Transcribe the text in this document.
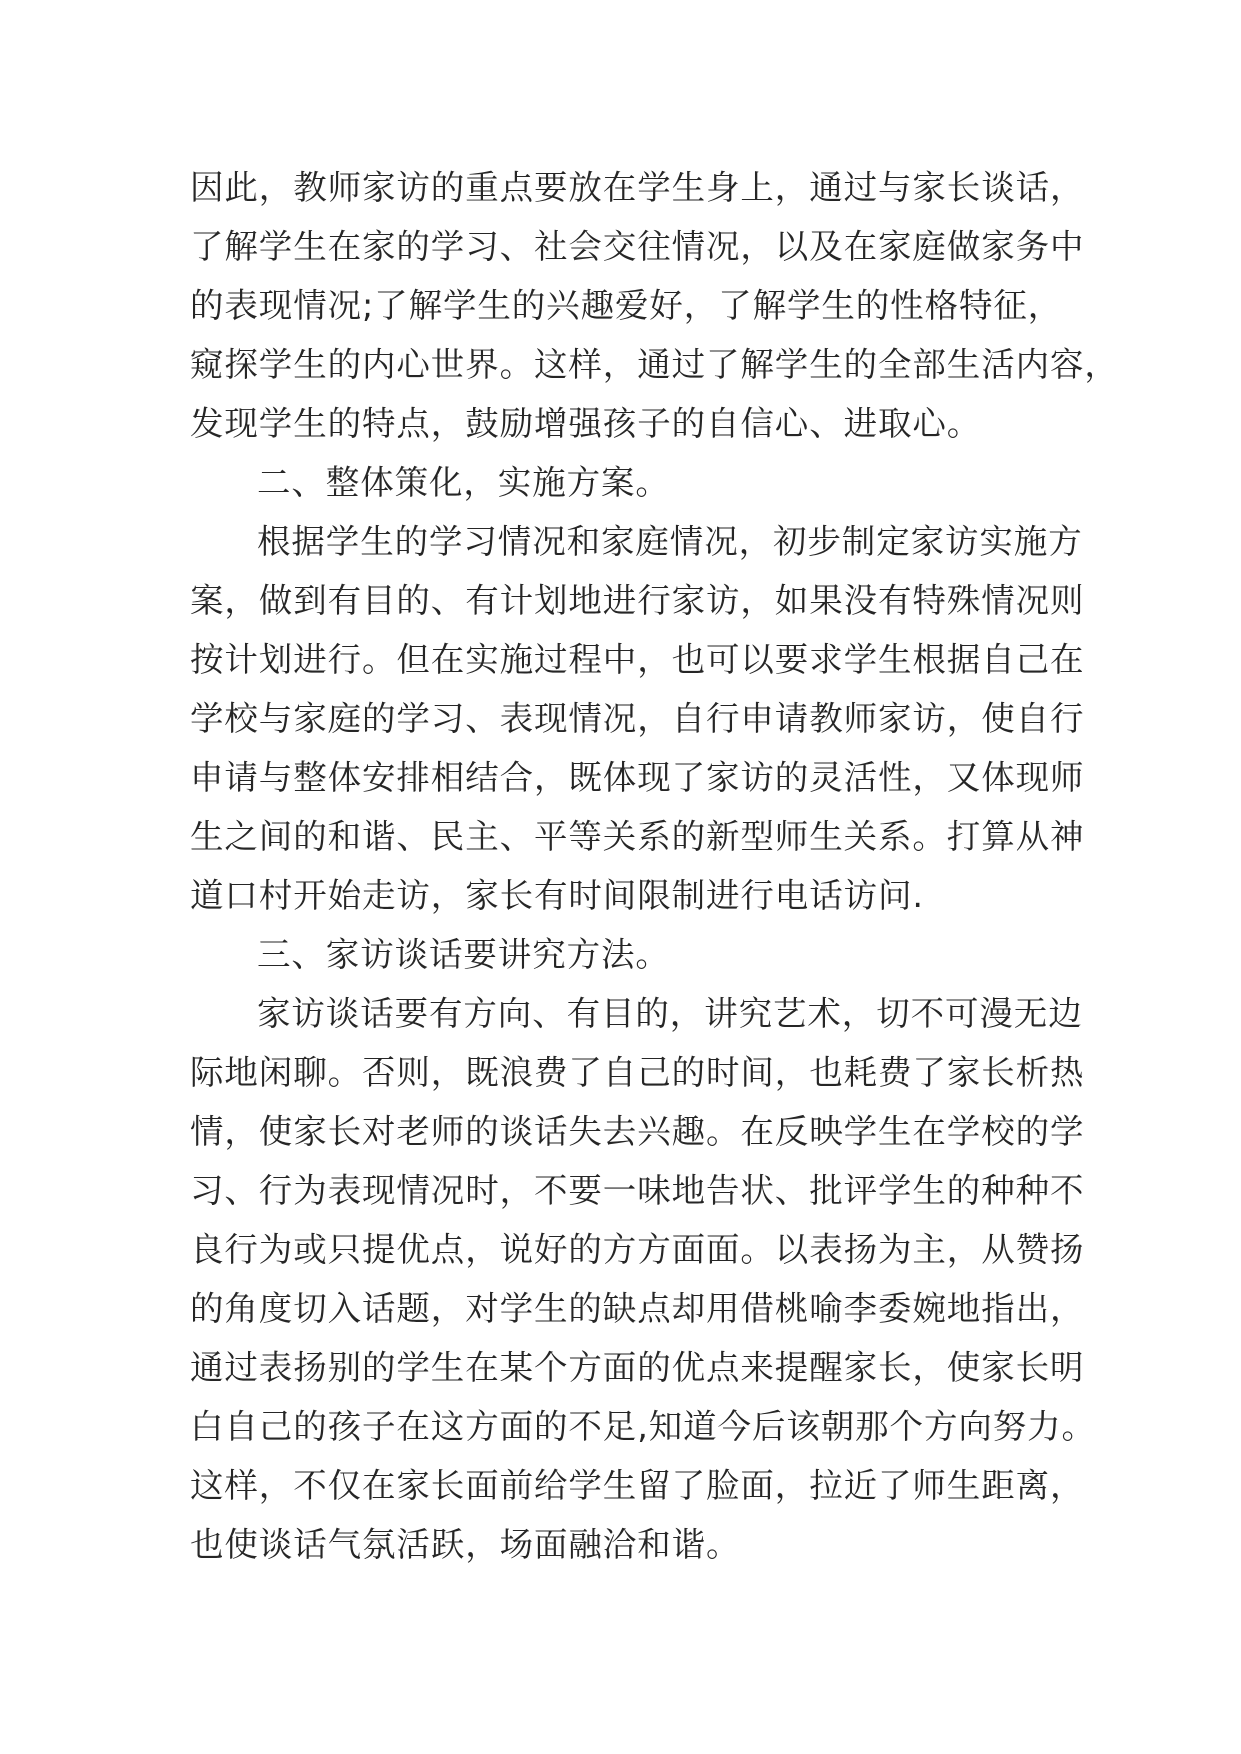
因此，教师家访的重点要放在学生身上，通过与家长谈话，
了解学生在家的学习、社会交往情况，以及在家庭做家务中
的表现情况;了解学生的兴趣爱好，了解学生的性格特征，
窥探学生的内心世界。这样，通过了解学生的全部生活内容，
发现学生的特点，鼓励增强孩子的自信心、进取心。
二、整体策化，实施方案。
根据学生的学习情况和家庭情况，初步制定家访实施方
案，做到有目的、有计划地进行家访，如果没有特殊情况则
按计划进行。但在实施过程中，也可以要求学生根据自己在
学校与家庭的学习、表现情况，自行申请教师家访，使自行
申请与整体安排相结合，既体现了家访的灵活性，又体现师
生之间的和谐、民主、平等关系的新型师生关系。打算从神
道口村开始走访，家长有时间限制进行电话访问.
三、家访谈话要讲究方法。
家访谈话要有方向、有目的，讲究艺术，切不可漫无边
际地闲聊。否则，既浪费了自己的时间，也耗费了家长析热
情，使家长对老师的谈话失去兴趣。在反映学生在学校的学
习、行为表现情况时，不要一味地告状、批评学生的种种不
良行为或只提优点，说好的方方面面。以表扬为主，从赞扬
的角度切入话题，对学生的缺点却用借桃喻李委婉地指出，
通过表扬别的学生在某个方面的优点来提醒家长，使家长明
白自己的孩子在这方面的不足,知道今后该朝那个方向努力。
这样，不仅在家长面前给学生留了脸面，拉近了师生距离，
也使谈话气氛活跃，场面融洽和谐。
